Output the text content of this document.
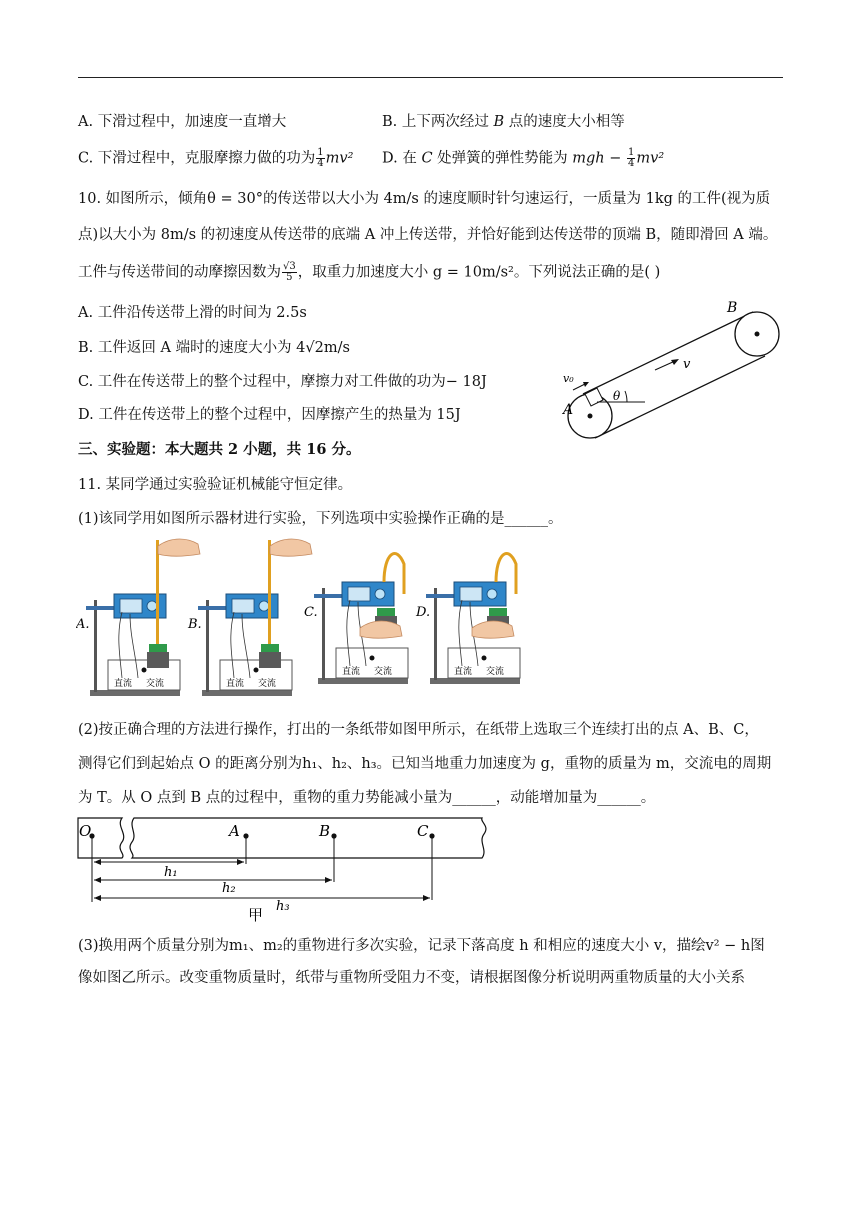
A. 下滑过程中，加速度一直增大	B. 上下两次经过 B 点的速度大小相等
C. 下滑过程中，克服摩擦力做的功为 $\frac{1}{4} mv^2$ D. 在 C 处弹簧的弹性势能为 mgh − $\frac{1}{4} mv^2$
10. 如图所示，倾角θ = 30°的传送带以大小为 4m/s 的速度顺时针匀速运行，一质量为 1kg 的工件(视为质
点)以大小为 8m/s 的初速度从传送带的底端 A 冲上传送带，并恰好能到达传送带的顶端 B，随即滑回 A 端。
工件与传送带间的动摩擦因数为 $\frac{√3}{5}$ ，取重力加速度大小 g = 10m/s²。下列说法正确的是( )
A. 工件沿传送带上滑的时间为 2.5s
B. 工件返回 A 端时的速度大小为 4√2m/s
C. 工件在传送带上的整个过程中，摩擦力对工件做的功为− 18J
D. 工件在传送带上的整个过程中，因摩擦产生的热量为 15J
B
A
v
v₀
θ
三、实验题：本大题共 2 小题，共 16 分。
11. 某同学通过实验验证机械能守恒定律。
(1)该同学用如图所示器材进行实验，下列选项中实验操作正确的是______。
A.
直流 交流
B.
直流 交流
C.
直流 交流
D.
直流 交流
(2)按正确合理的方法进行操作，打出的一条纸带如图甲所示，在纸带上选取三个连续打出的点 A、B、C，
测得它们到起始点 O 的距离分别为h₁、h₂、h₃。已知当地重力加速度为 g，重物的质量为 m，交流电的周期
为 T。从 O 点到 B 点的过程中，重物的重力势能减小量为______，动能增加量为______。
O	A	B	C
h₁
h₂
h₃
甲
(3)换用两个质量分别为m₁、m₂的重物进行多次实验，记录下落高度 h 和相应的速度大小 v，描绘v² − h图
像如图乙所示。改变重物质量时，纸带与重物所受阻力不变，请根据图像分析说明两重物质量的大小关系
